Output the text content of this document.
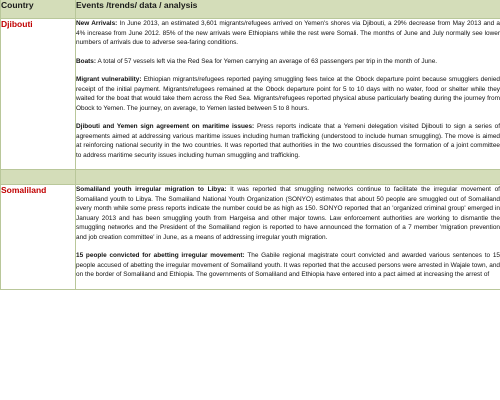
Country	Events /trends/ data / analysis
Djibouti	New Arrivals: In June 2013, an estimated 3,601 migrants/refugees arrived on Yemen's shores via Djibouti, a 29% decrease from May 2013 and a 4% increase from June 2012. 85% of the new arrivals were Ethiopians while the rest were Somali. The months of June and July normally see lower numbers of arrivals due to adverse sea-faring conditions.

Boats: A total of 57 vessels left via the Red Sea for Yemen carrying an average of 63 passengers per trip in the month of June.

Migrant vulnerability: Ethiopian migrants/refugees reported paying smuggling fees twice at the Obock departure point because smugglers denied receipt of the initial payment. Migrants/refugees remained at the Obock departure point for 5 to 10 days with no water, food or shelter while they waited for the boat that would take them across the Red Sea. Migrants/refugees reported physical abuse particularly beating during the journey from Obock to Yemen. The journey, on average, to Yemen lasted between 5 to 8 hours.

Djibouti and Yemen sign agreement on maritime issues: Press reports indicate that a Yemeni delegation visited Djibouti to sign a series of agreements aimed at addressing various maritime issues including human trafficking (understood to include human smuggling). The move is aimed at reinforcing national security in the two countries. It was reported that authorities in the two countries discussed the formation of a joint committee to address maritime security issues including human smuggling and trafficking.

Somaliland	Somaliland youth irregular migration to Libya: It was reported that smuggling networks continue to facilitate the irregular movement of Somaliland youth to Libya. The Somaliland National Youth Organization (SONYO) estimates that about 50 people are smuggled out of Somaliland every month while some press reports indicate the number could be as high as 150. SONYO reported that an 'organized criminal group' emerged in January 2013 and has been smuggling youth from Hargeisa and other major towns. Law enforcement authorities are working to dismantle the smuggling networks and the President of the Somaliland region is reported to have announced the formation of a 7 member 'migration prevention and job creation committee' in June, as a means of addressing irregular youth migration.

15 people convicted for abetting irregular movement: The Gabile regional magistrate court convicted and awarded various sentences to 15 people accused of abetting the irregular movement of Somaliland youth. It was reported that the accused persons were arrested in Wajale town, and on the border of Somaliland and Ethiopia. The governments of Somaliland and Ethiopia have entered into a pact aimed at increasing the arrest of
